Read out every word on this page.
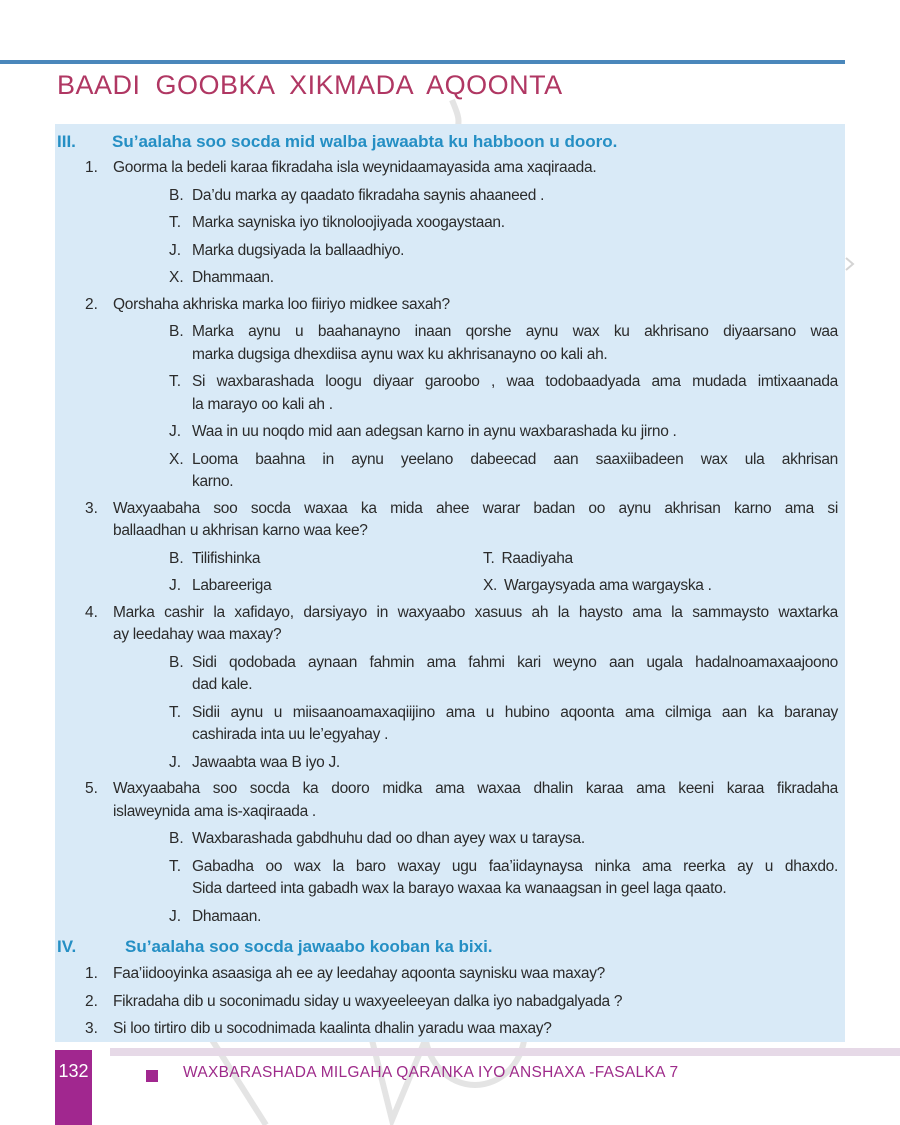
BAADI GOOBKA XIKMADA AQOONTA
III. Su’aalaha soo socda mid walba jawaabta ku habboon u dooro.
1. Goorma la bedeli karaa fikradaha isla weynidaamayasida ama xaqiraada.
B. Da’du marka ay qaadato fikradaha saynis ahaaneed .
T. Marka sayniska iyo tiknoloojiyada xoogaystaan.
J. Marka dugsiyada la ballaadhiyo.
X. Dhammaan.
2. Qorshaha akhriska marka loo fiiriyo midkee saxah?
B. Marka aynu u baahanayno inaan qorshe aynu wax ku akhrisano diyaarsano waa
marka dugsiga dhexdiisa aynu wax ku akhrisanayno oo kali ah.
T. Si waxbarashada loogu diyaar garoobo , waa todobaadyada ama mudada imtixaanada
la marayo oo kali ah .
J. Waa in uu noqdo mid aan adegsan karno in aynu waxbarashada ku jirno .
X. Looma baahna in aynu yeelano dabeecad aan saaxiibadeen wax ula akhrisan
karno.
3. Waxyaabaha soo socda waxaa ka mida ahee warar badan oo aynu akhrisan karno ama si
ballaadhan u akhrisan karno waa kee?
B. Tilifishinka	T. Raadiyaha
J. Labareeriga	X. Wargaysyada ama wargayska .
4. Marka cashir la xafidayo, darsiyayo in waxyaabo xasuus ah la haysto ama la sammaysto waxtarka
ay leedahay waa maxay?
B. Sidi qodobada aynaan fahmin ama fahmi kari weyno aan ugala hadalnoamaxaajoono
dad kale.
T. Sidii aynu u miisaanoamaxaqiijino ama u hubino aqoonta ama cilmiga aan ka baranay
cashirada inta uu le’egyahay .
J. Jawaabta waa B iyo J.
5. Waxyaabaha soo socda ka dooro midka ama waxaa dhalin karaa ama keeni karaa fikradaha
islaweynida ama is-xaqiraada .
B. Waxbarashada gabdhuhu dad oo dhan ayey wax u taraysa.
T. Gabadha oo wax la baro waxay ugu faa’iidaynaysa ninka ama reerka ay u dhaxdo.
Sida darteed inta gabadh wax la barayo waxaa ka wanaagsan in geel laga qaato.
J. Dhamaan.
IV.	Su’aalaha soo socda jawaabo kooban ka bixi.
1. Faa’iidooyinka asaasiga ah ee ay leedahay aqoonta saynisku waa maxay?
2. Fikradaha dib u soconimadu siday u waxyeeleeyan dalka iyo nabadgalyada ?
3. Si loo tirtiro dib u socodnimada kaalinta dhalin yaradu waa maxay?
132	WAXBARASHADA MILGAHA QARANKA IYO ANSHAXA -FASALKA 7
